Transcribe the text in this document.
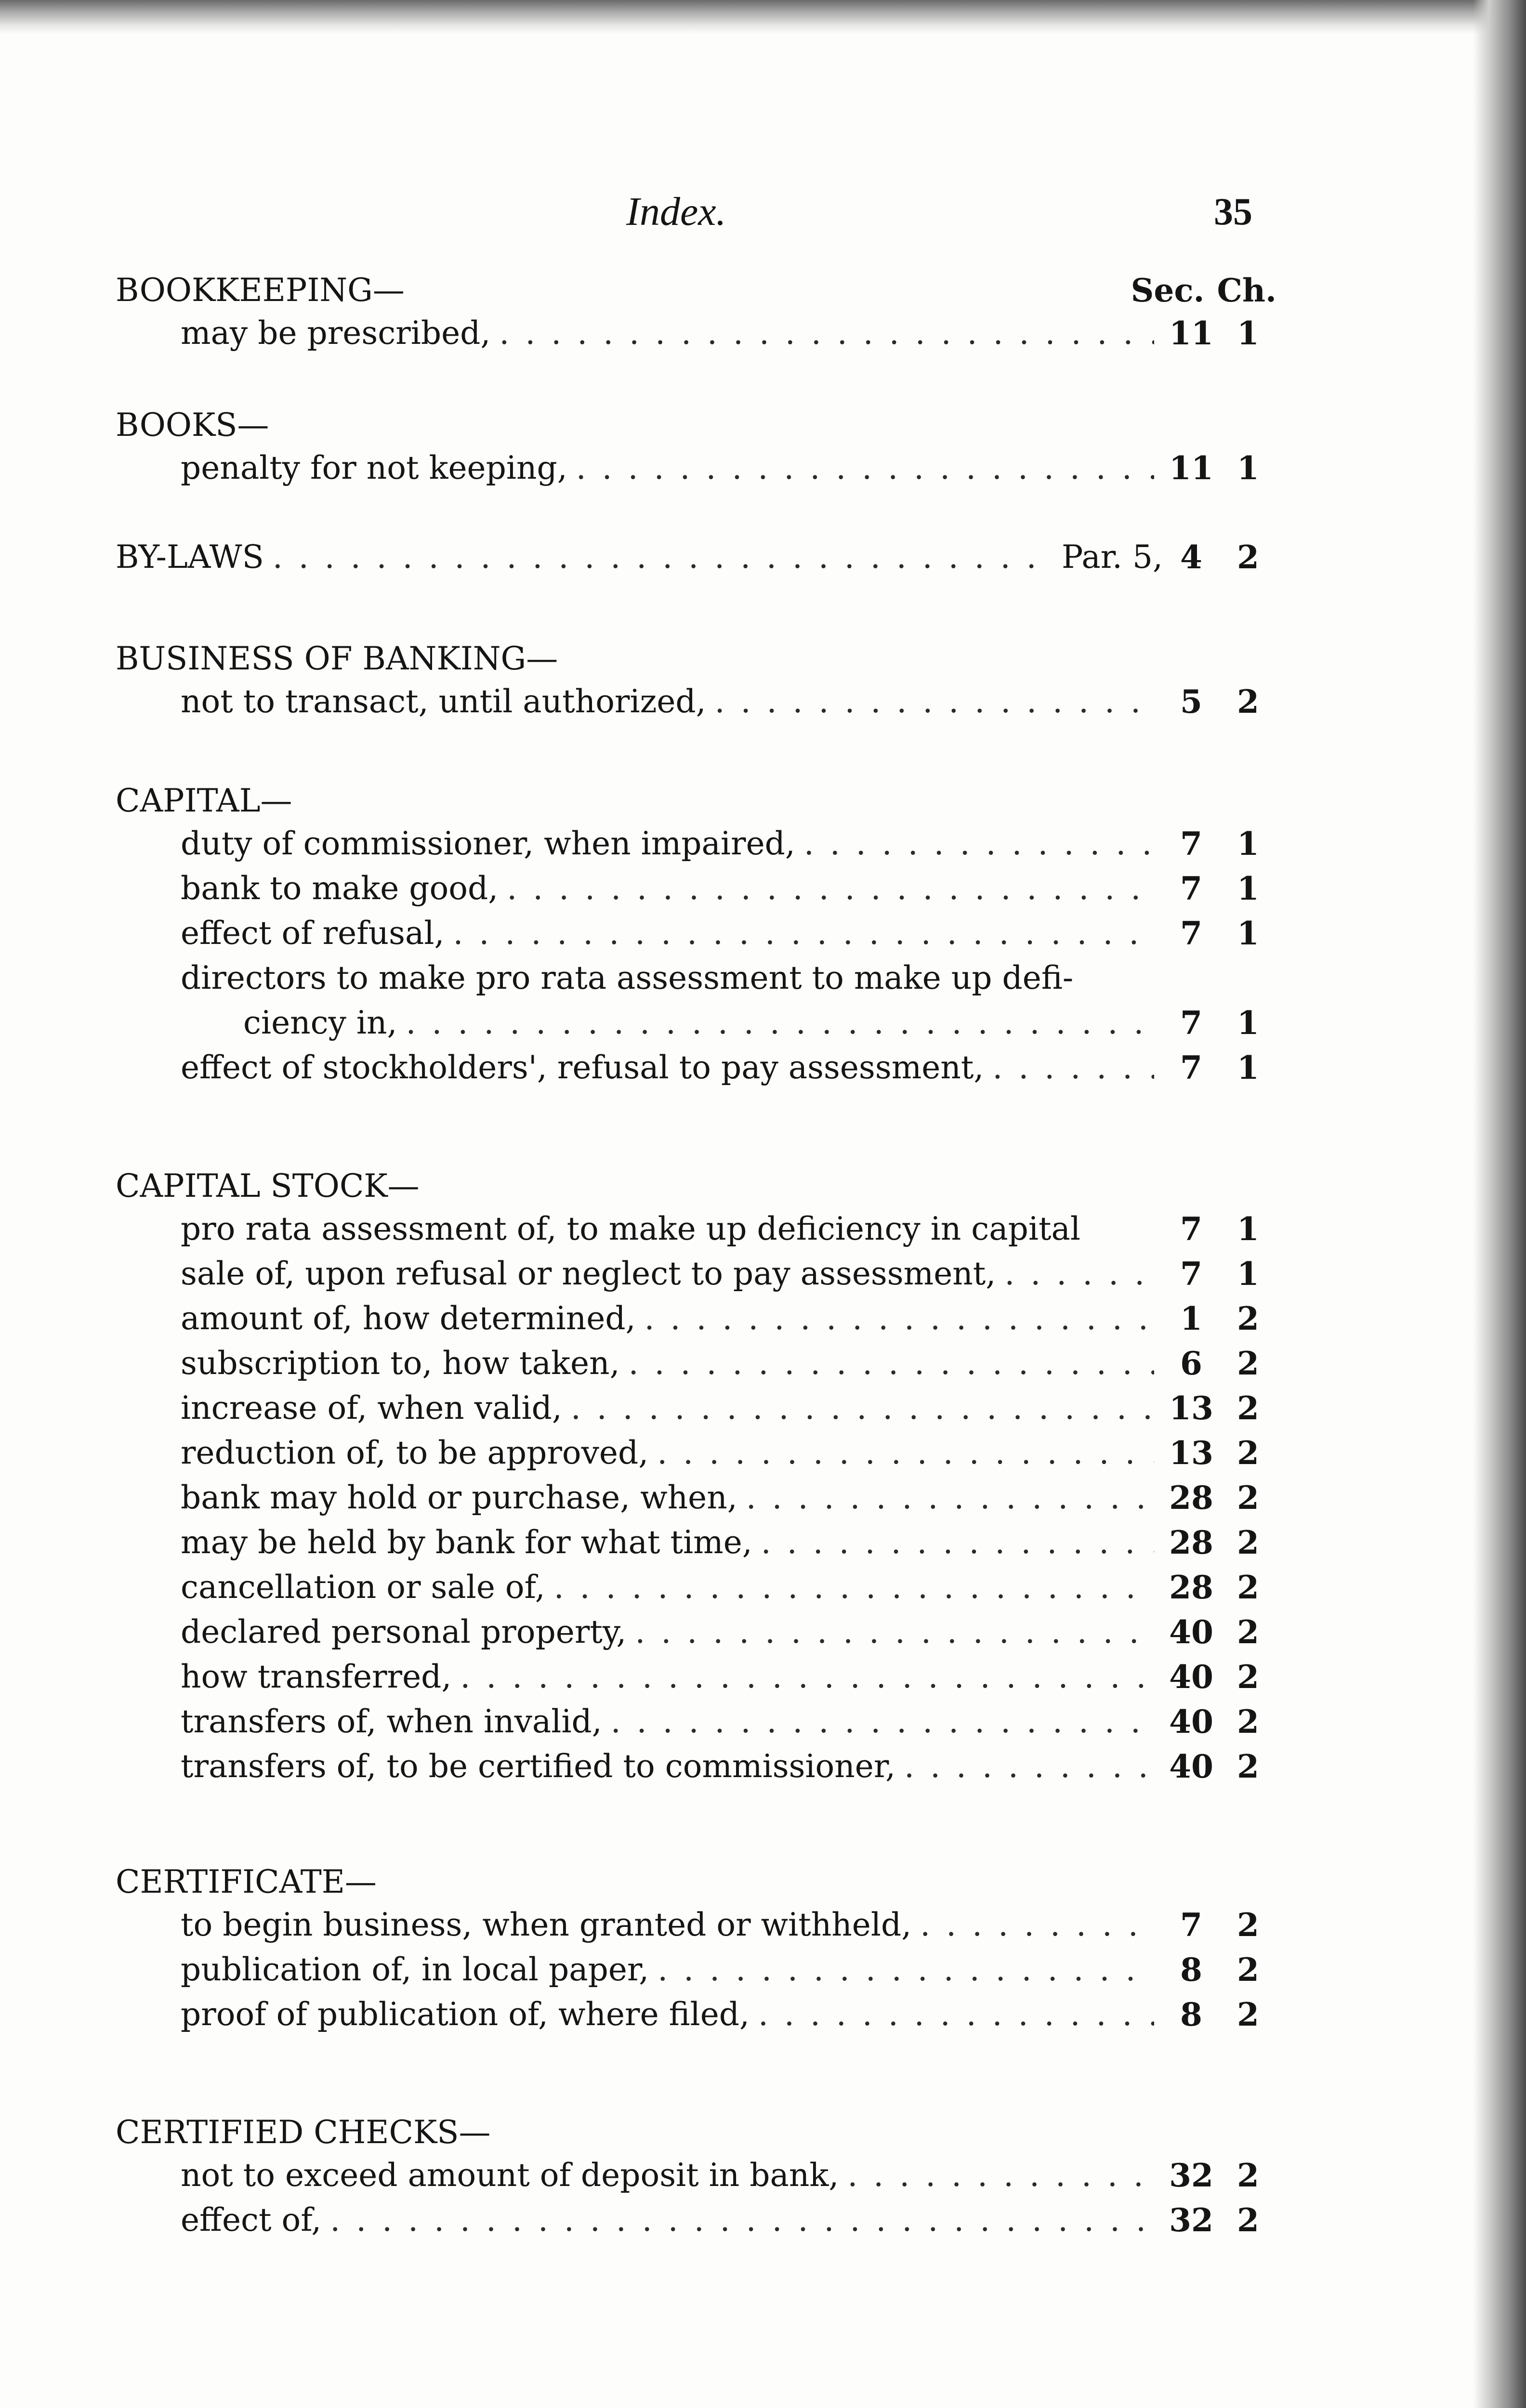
Index.	35
BOOKKEEPING—	Sec. Ch.
may be prescribed, . . .	11 1
BOOKS—
penalty for not keeping, . . .	11 1
BY-LAWS . . .	Par. 5, 4	2
BUSINESS OF BANKING—
not to transact, until authorized, . . .	5	2
CAPITAL—
duty of commissioner, when impaired, . . .	7	1
bank to make good, . . .	7	1
effect of refusal, . . .	7	1
directors to make pro rata assessment to make up defi-
ciency in, . . .	7	1
effect of stockholders', refusal to pay assessment, . . .	7	1
CAPITAL STOCK—
pro rata assessment of, to make up deficiency in capital	7	1
sale of, upon refusal or neglect to pay assessment, . . .	7	1
amount of, how determined, . . .	1	2
subscription to, how taken, . . .	6	2
increase of, when valid, . . .	13 2
reduction of, to be approved, . . .	13 2
bank may hold or purchase, when, . . .	28 2
may be held by bank for what time, . . .	28 2
cancellation or sale of, . . .	28 2
declared personal property, . . .	40 2
how transferred, . . .	40 2
transfers of, when invalid, . . .	40 2
transfers of, to be certified to commissioner, . . .	40 2
CERTIFICATE—
to begin business, when granted or withheld, . . .	7	2
publication of, in local paper, . . .	8	2
proof of publication of, where filed, . . .	8	2
CERTIFIED CHECKS—
not to exceed amount of deposit in bank, . . .	32 2
effect of, . . .	32 2
